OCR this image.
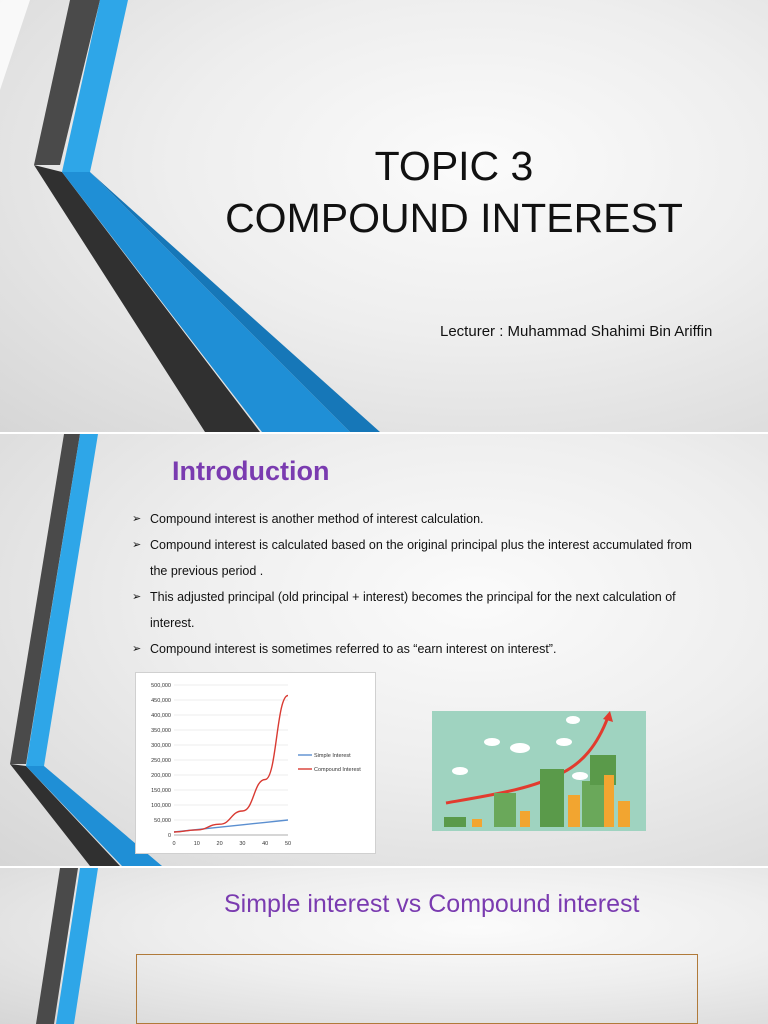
TOPIC 3
COMPOUND INTEREST
Lecturer : Muhammad Shahimi Bin Ariffin
Introduction
➢ Compound interest is another method of interest calculation.
➢ Compound interest is calculated based on the original principal plus the interest accumulated from the previous period .
➢ This adjusted principal (old principal + interest) becomes the principal for the next calculation of interest.
➢ Compound interest is sometimes referred to as “earn interest on interest”.
0
50,000
100,000
150,000
200,000
250,000
300,000
350,000
400,000
450,000
500,000
0	10	20	30	40	50
Simple Interest
Compound Interest
Simple interest vs Compound interest
